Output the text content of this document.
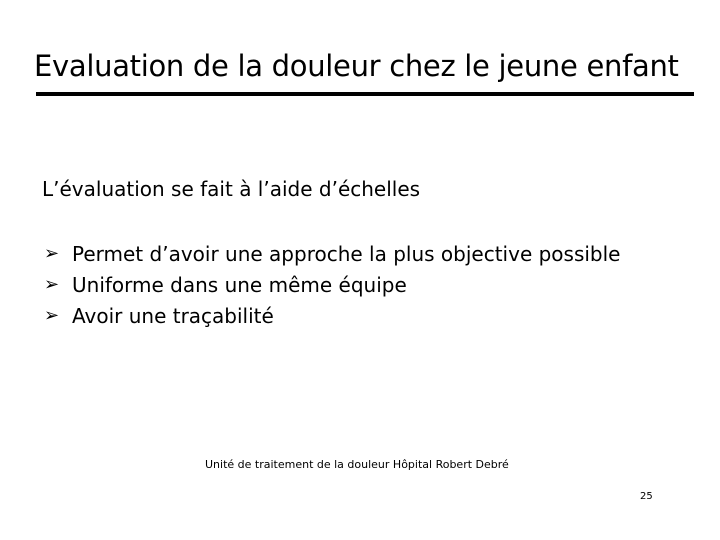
Evaluation de la douleur chez le jeune enfant
L’évaluation se fait à l’aide d’échelles
➢ Permet d’avoir une approche la plus objective possible
➢ Uniforme dans une même équipe
➢ Avoir une traçabilité
Unité de traitement de la douleur Hôpital Robert Debré
25
